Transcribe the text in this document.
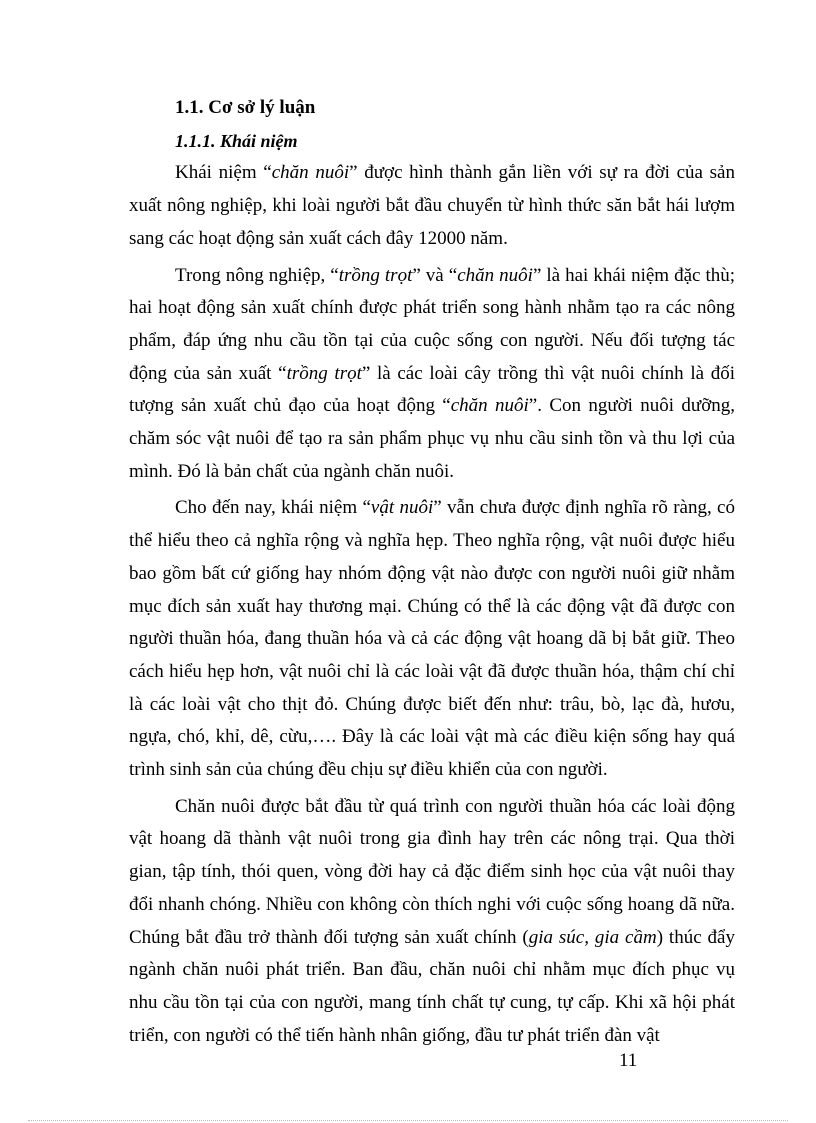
1.1. Cơ sở lý luận
1.1.1. Khái niệm

Khái niệm “chăn nuôi” được hình thành gắn liền với sự ra đời của sản xuất nông nghiệp, khi loài người bắt đầu chuyển từ hình thức săn bắt hái lượm sang các hoạt động sản xuất cách đây 12000 năm.

Trong nông nghiệp, “trồng trọt” và “chăn nuôi” là hai khái niệm đặc thù; hai hoạt động sản xuất chính được phát triển song hành nhằm tạo ra các nông phẩm, đáp ứng nhu cầu tồn tại của cuộc sống con người. Nếu đối tượng tác động của sản xuất “trồng trọt” là các loài cây trồng thì vật nuôi chính là đối tượng sản xuất chủ đạo của hoạt động “chăn nuôi”. Con người nuôi dưỡng, chăm sóc vật nuôi để tạo ra sản phẩm phục vụ nhu cầu sinh tồn và thu lợi của mình. Đó là bản chất của ngành chăn nuôi.

Cho đến nay, khái niệm “vật nuôi” vẫn chưa được định nghĩa rõ ràng, có thể hiểu theo cả nghĩa rộng và nghĩa hẹp. Theo nghĩa rộng, vật nuôi được hiểu bao gồm bất cứ giống hay nhóm động vật nào được con người nuôi giữ nhằm mục đích sản xuất hay thương mại. Chúng có thể là các động vật đã được con người thuần hóa, đang thuần hóa và cả các động vật hoang dã bị bắt giữ. Theo cách hiểu hẹp hơn, vật nuôi chỉ là các loài vật đã được thuần hóa, thậm chí chỉ là các loài vật cho thịt đỏ. Chúng được biết đến như: trâu, bò, lạc đà, hươu, ngựa, chó, khỉ, dê, cừu,…. Đây là các loài vật mà các điều kiện sống hay quá trình sinh sản của chúng đều chịu sự điều khiển của con người.

Chăn nuôi được bắt đầu từ quá trình con người thuần hóa các loài động vật hoang dã thành vật nuôi trong gia đình hay trên các nông trại. Qua thời gian, tập tính, thói quen, vòng đời hay cả đặc điểm sinh học của vật nuôi thay đổi nhanh chóng. Nhiều con không còn thích nghi với cuộc sống hoang dã nữa. Chúng bắt đầu trở thành đối tượng sản xuất chính (gia súc, gia cầm) thúc đẩy ngành chăn nuôi phát triển. Ban đầu, chăn nuôi chỉ nhằm mục đích phục vụ nhu cầu tồn tại của con người, mang tính chất tự cung, tự cấp. Khi xã hội phát triển, con người có thể tiến hành nhân giống, đầu tư phát triển đàn vật

11
